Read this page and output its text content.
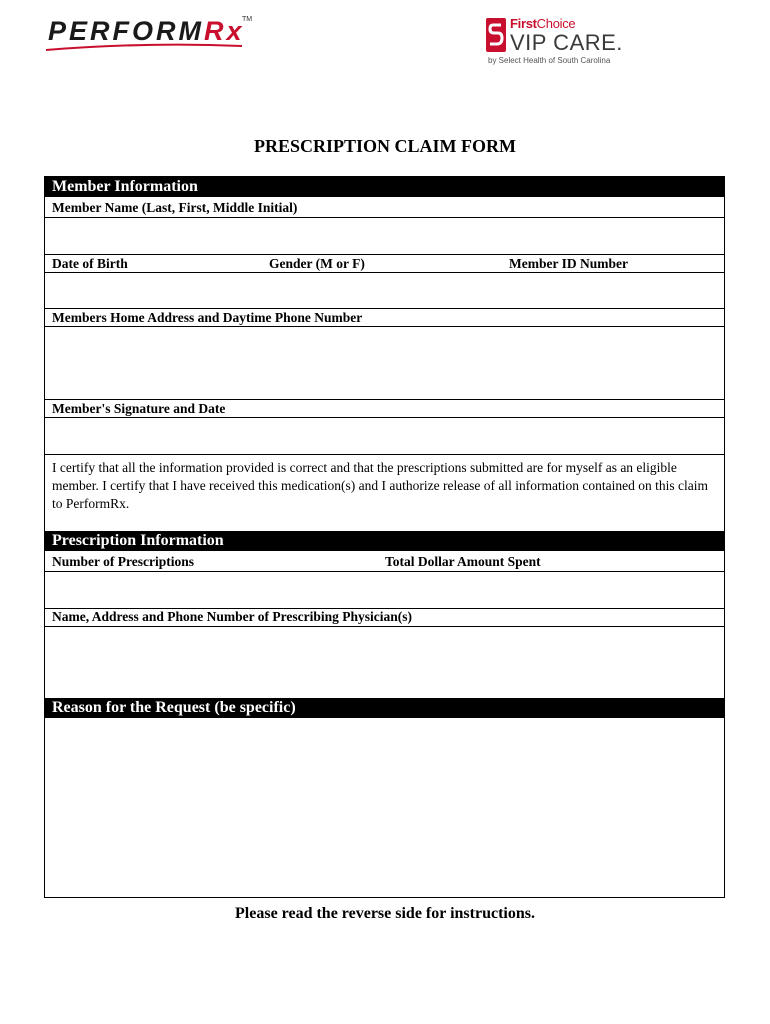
PERFORMRx
TM	FirstChoice
VIP CARE.
by Select Health of South Carolina
PRESCRIPTION CLAIM FORM
Member Information
Member Name (Last, First, Middle Initial)
Date of Birth	Gender (M or F)	Member ID Number
Members Home Address and Daytime Phone Number
Member's Signature and Date
I certify that all the information provided is correct and that the prescriptions submitted are for myself as an eligible member. I certify that I have received this medication(s) and I authorize release of all information contained on this claim to PerformRx.
Prescription Information
Number of Prescriptions	Total Dollar Amount Spent
Name, Address and Phone Number of Prescribing Physician(s)
Reason for the Request (be specific)
Please read the reverse side for instructions.
